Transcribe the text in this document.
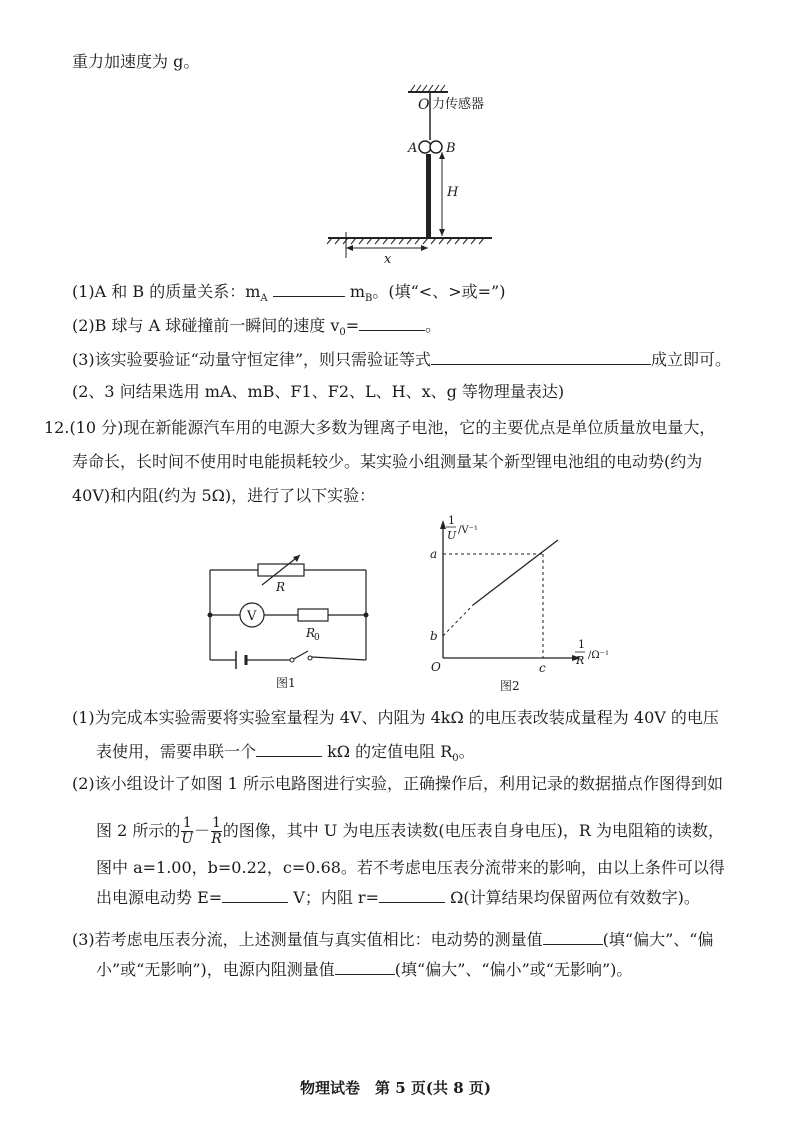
重力加速度为 g。
O 力传感器
A B
H
x
(1)A 和 B 的质量关系：$m_A$	$m_B$。(填“<、>或=”)
(2)B 球与 A 球碰撞前一瞬间的速度 $v_0=$	。
(3)该实验要验证“动量守恒定律”，则只需验证等式	成立即可。
(2、3 问结果选用 mA、mB、F1、F2、L、H、x、g 等物理量表达)
12.(10 分)现在新能源汽车用的电源大多数为锂离子电池，它的主要优点是单位质量放电量大，
寿命长，长时间不使用时电能损耗较少。某实验小组测量某个新型锂电池组的电动势(约为
40V)和内阻(约为 5Ω)，进行了以下实验：
R
V
R
0
图1
1
U /V⁻¹
1
R /Ω⁻¹
a
b
c
O
图2
(1)为完成本实验需要将实验室量程为 4V、内阻为 4kΩ 的电压表改装成量程为 40V 的电压
表使用，需要串联一个	kΩ 的定值电阻 $R_0$。
(2)该小组设计了如图 1 所示电路图进行实验，正确操作后，利用记录的数据描点作图得到如
图 2 所示的 $\frac{1}{U} - \frac{1}{R}$ 的图像，其中 U 为电压表读数(电压表自身电压)，R 为电阻箱的读数，
图中 a=1.00，b=0.22，c=0.68。若不考虑电压表分流带来的影响，由以上条件可以得
出电源电动势 E=	V；内阻 r=	Ω(计算结果均保留两位有效数字)。
(3)若考虑电压表分流，上述测量值与真实值相比：电动势的测量值	(填“偏大”、“偏
小”或“无影响”)，电源内阻测量值	(填“偏大”、“偏小”或“无影响”)。
物理试卷　第 5 页(共 8 页)
